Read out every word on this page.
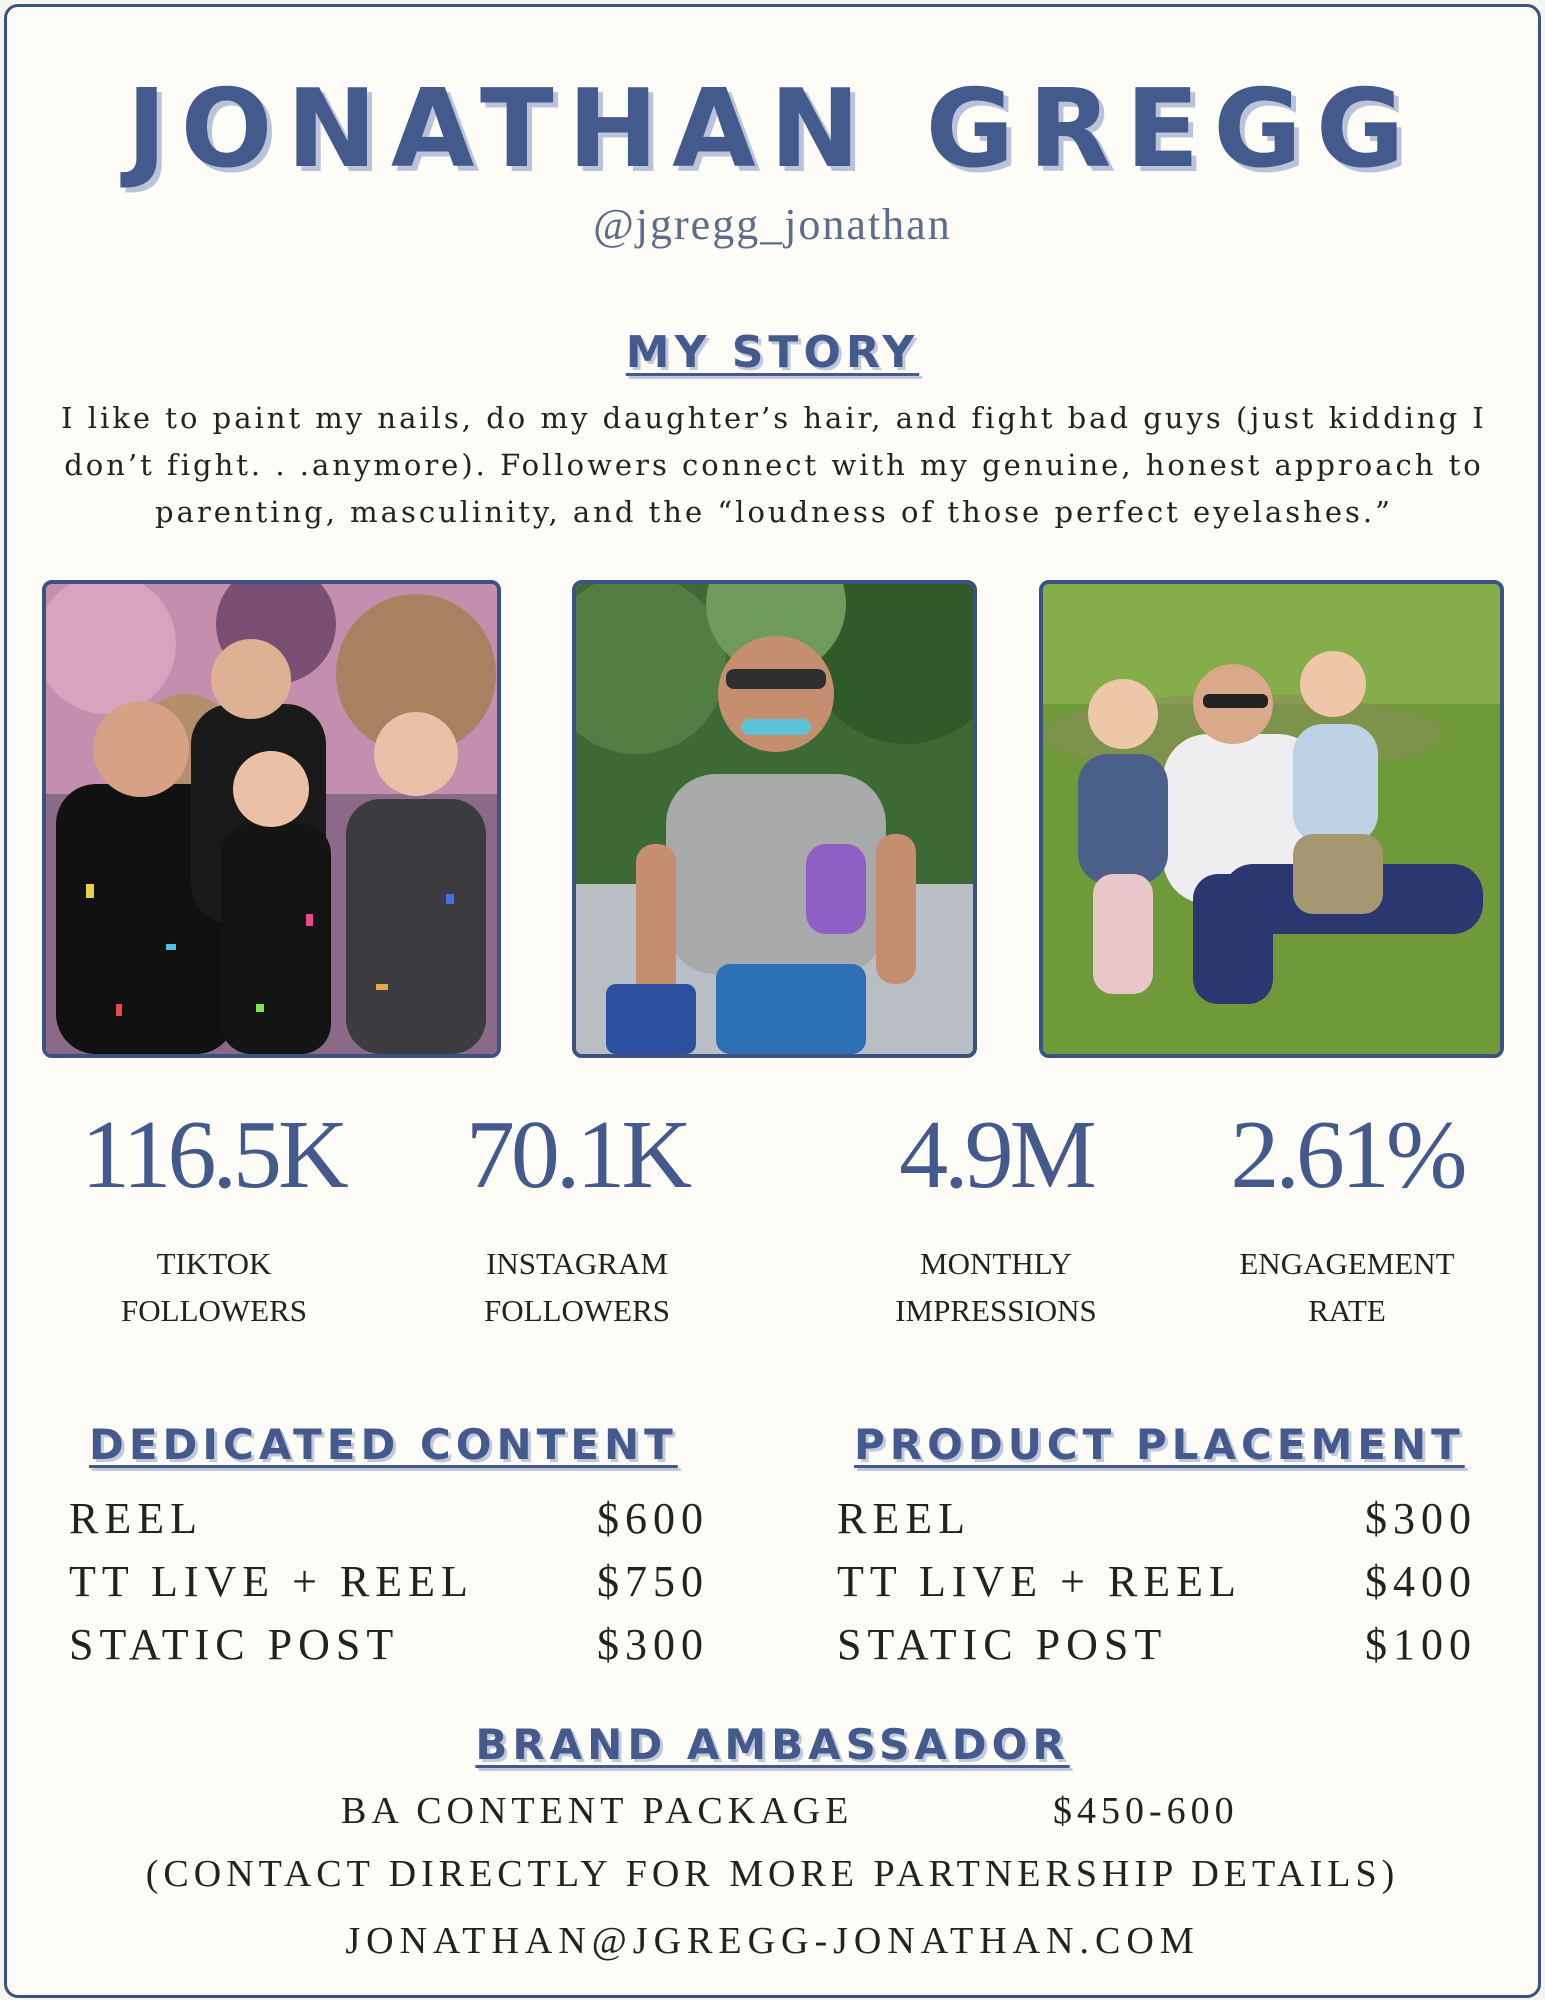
JONATHAN GREGG
@jgregg_jonathan
MY STORY
I like to paint my nails, do my daughter’s hair, and fight bad guys (just kidding I
don’t fight. . .anymore). Followers connect with my genuine, honest approach to
parenting, masculinity, and the “loudness of those perfect eyelashes.”
116.5K	70.1K	4.9M	2.61%
TIKTOK
FOLLOWERS
INSTAGRAM
FOLLOWERS
MONTHLY
IMPRESSIONS
ENGAGEMENT
RATE
DEDICATED CONTENT	PRODUCT PLACEMENT
REEL	$600
TT LIVE + REEL	$750
STATIC POST	$300
REEL	$300
TT LIVE + REEL	$400
STATIC POST	$100
BRAND AMBASSADOR
BA CONTENT PACKAGE	$450-600
(CONTACT DIRECTLY FOR MORE PARTNERSHIP DETAILS)
JONATHAN@JGREGG-JONATHAN.COM
